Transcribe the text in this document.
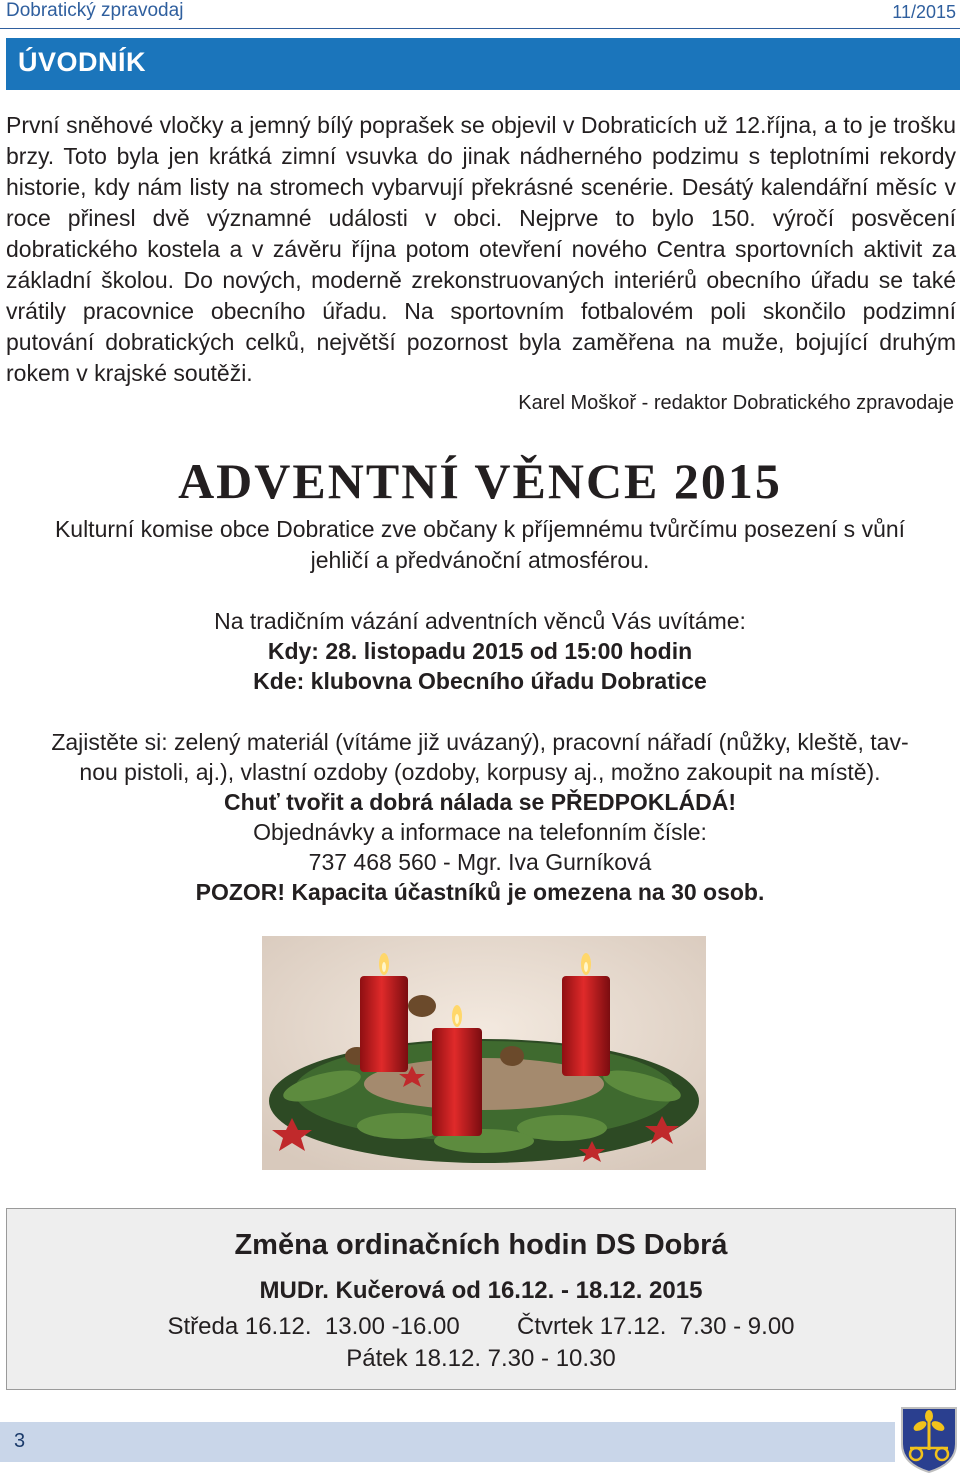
Dobratický zpravodaj	11/2015
ÚVODNÍK
První sněhové vločky a jemný bílý poprašek se objevil v Dobraticích už 12.října, a to je trošku brzy. Toto byla jen krátká zimní vsuvka do jinak nádherného podzimu s teplotními rekordy historie, kdy nám listy na stromech vybarvují překrásné scenérie. Desátý kalendářní měsíc v roce přinesl dvě významné události v obci. Nejprve to bylo 150. výročí posvěcení dobratického kostela a v závěru října potom otevření nového Centra sportovních aktivit za základní školou. Do nových, moderně zrekonstruovaných interiérů obecního úřadu se také vrátily pracovnice obecního úřadu. Na sportovním fotbalovém poli skončilo podzimní putování dobratických celků, největší pozornost byla zaměřena na muže, bojující druhým rokem v krajské soutěži.
Karel Moškoř - redaktor Dobratického zpravodaje
ADVENTNÍ VĚNCE 2015
Kulturní komise obce Dobratice zve občany k příjemnému tvůrčímu posezení s vůní
jehličí a předvánoční atmosférou.
Na tradičním vázání adventních věnců Vás uvítáme:
Kdy: 28. listopadu 2015 od 15:00 hodin
Kde: klubovna Obecního úřadu Dobratice
Zajistěte si: zelený materiál (vítáme již uvázaný), pracovní nářadí (nůžky, kleště, tav-
nou pistoli, aj.), vlastní ozdoby (ozdoby, korpusy aj., možno zakoupit na místě).
Chuť tvořit a dobrá nálada se PŘEDPOKLÁDÁ!
Objednávky a informace na telefonním čísle:
737 468 560 - Mgr. Iva Gurníková
POZOR! Kapacita účastníků je omezena na 30 osob.
Změna ordinačních hodin DS Dobrá
MUDr. Kučerová od 16.12. - 18.12. 2015
Středa 16.12.  13.00 -16.00 Čtvrtek 17.12.  7.30 - 9.00
Pátek 18.12. 7.30 - 10.30
3
